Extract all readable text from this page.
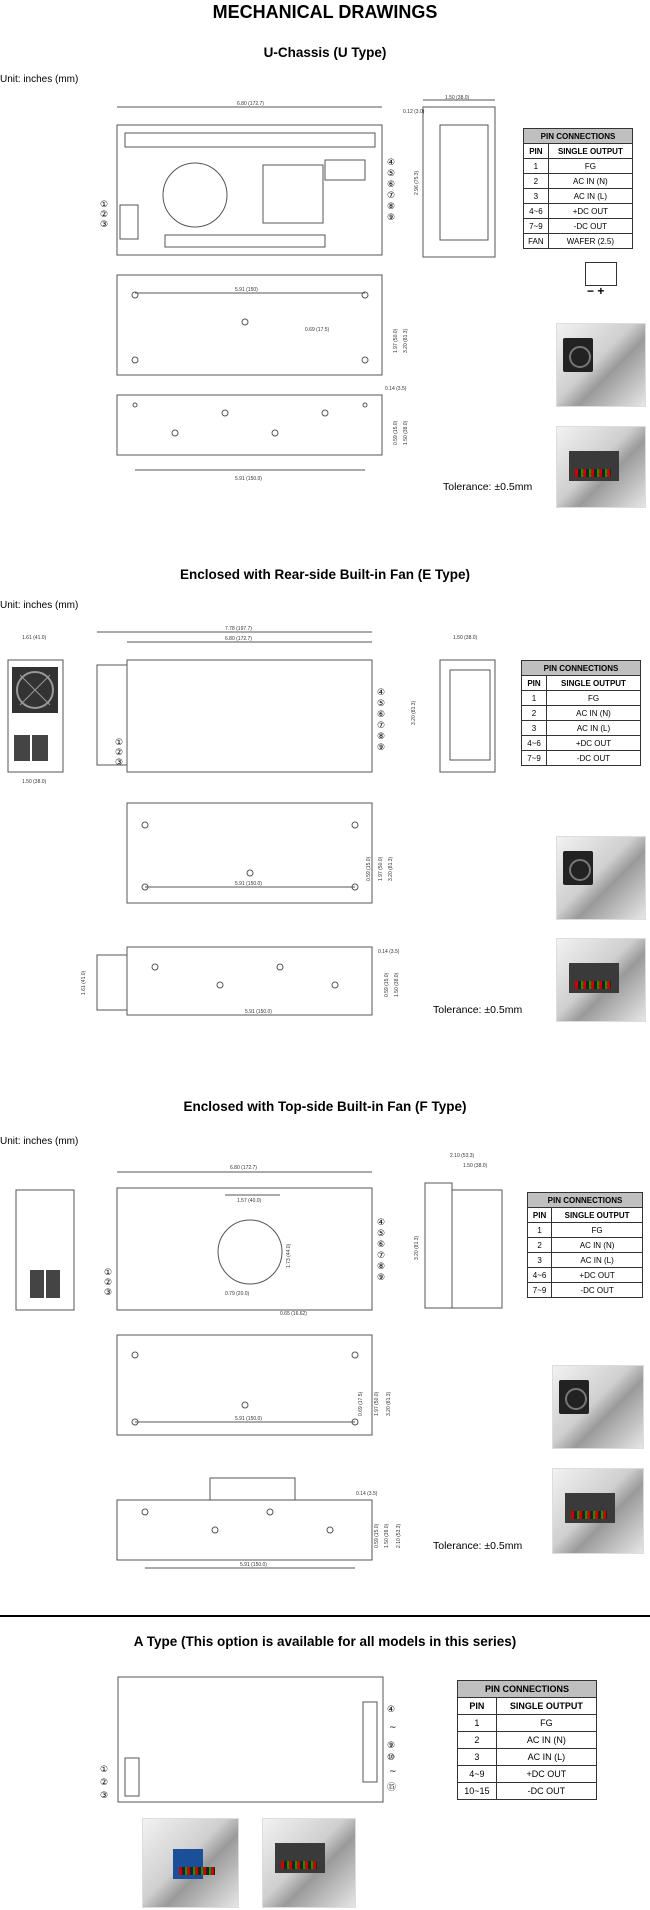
MECHANICAL DRAWINGS
U-Chassis (U Type)
Unit: inches (mm)
6.80 (172.7)
①
②
③
④
⑤
⑥
⑦
⑧
⑨
1.50 (38.0)
0.12 (3.0)
2.96 (75.3)
5.91 (150)
0.69 (17.5)	1.97 (50.0) 3.20 (81.3)
5.91 (150.0)
0.14 (3.5)
0.59 (15.0) 1.50 (38.0)
PIN CONNECTIONS	
PIN	SINGLE OUTPUT
1	FG
2	AC IN (N)
3	AC IN (L)
4~6	+DC OUT
7~9	-DC OUT
FAN	WAFER (2.5)
− +
Tolerance: ±0.5mm
Enclosed with Rear-side Built-in Fan (E Type)
Unit: inches (mm)
1.61 (41.0)
1.50 (38.0)
7.78 (197.7)
6.80 (172.7)
①
②
③
④
⑤
⑥
⑦
⑧
⑨
1.50 (38.0)
3.20 (81.3)
5.91 (150.0)
0.59 (15.0) 1.97 (50.0) 3.20 (81.3)
5.91 (150.0)
1.61 (41.0)
0.14 (3.5)
0.59 (15.0) 1.50 (38.0)
PIN CONNECTIONS	
PIN	SINGLE OUTPUT
1	FG
2	AC IN (N)
3	AC IN (L)
4~6	+DC OUT
7~9	-DC OUT
Tolerance: ±0.5mm
Enclosed with Top-side Built-in Fan (F Type)
Unit: inches (mm)
6.80 (172.7)
1.57 (40.0)
1.73 (44.0)
0.79 (20.0)
0.65 (16.62)
①
②
③
④
⑤
⑥
⑦
⑧
⑨
2.10 (53.3)
1.50 (38.0)
3.20 (81.3)
5.91 (150.0)
0.69 (17.5) 1.97 (50.0) 3.20 (81.3)
5.91 (150.0)
0.14 (3.5)
0.59 (15.0) 1.50 (38.0) 2.10 (53.3)
PIN CONNECTIONS	
PIN	SINGLE OUTPUT
1	FG
2	AC IN (N)
3	AC IN (L)
4~6	+DC OUT
7~9	-DC OUT
Tolerance: ±0.5mm
A Type (This option is available for all models in this series)
①
②
③
④
~
⑨
⑩
~
⑮
PIN CONNECTIONS	
PIN	SINGLE OUTPUT
1	FG
2	AC IN (N)
3	AC IN (L)
4~9	+DC OUT
10~15	-DC OUT
